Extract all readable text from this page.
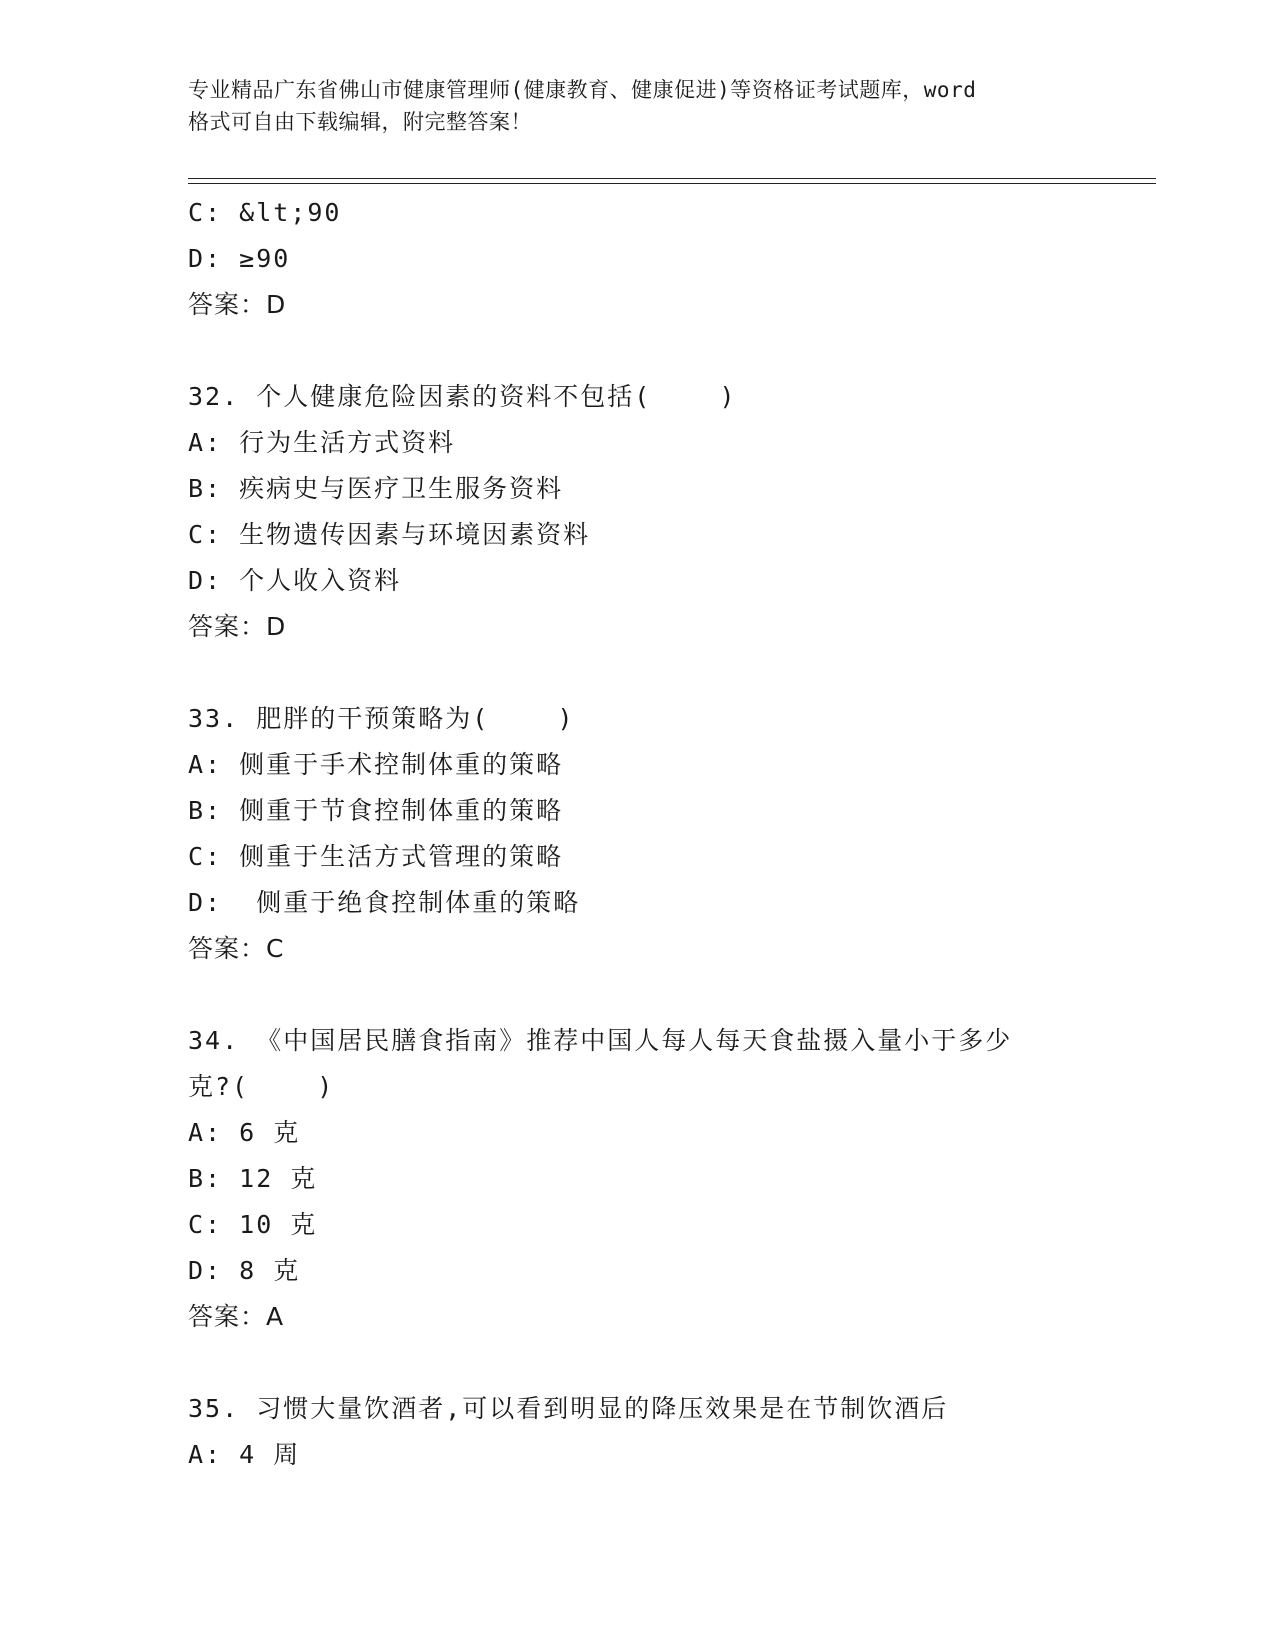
专业精品广东省佛山市健康管理师(健康教育、健康促进)等资格证考试题库，word
格式可自由下载编辑，附完整答案！
C: &lt;90
D: ≥90
答案：D
32. 个人健康危险因素的资料不包括(    )
A: 行为生活方式资料
B: 疾病史与医疗卫生服务资料
C: 生物遗传因素与环境因素资料
D: 个人收入资料
答案：D
33. 肥胖的干预策略为(    )
A: 侧重于手术控制体重的策略
B: 侧重于节食控制体重的策略
C: 侧重于生活方式管理的策略
D:  侧重于绝食控制体重的策略
答案：C
34. 《中国居民膳食指南》推荐中国人每人每天食盐摄入量小于多少
克?(    )
A: 6 克
B: 12 克
C: 10 克
D: 8 克
答案：A
35. 习惯大量饮酒者,可以看到明显的降压效果是在节制饮酒后
A: 4 周
